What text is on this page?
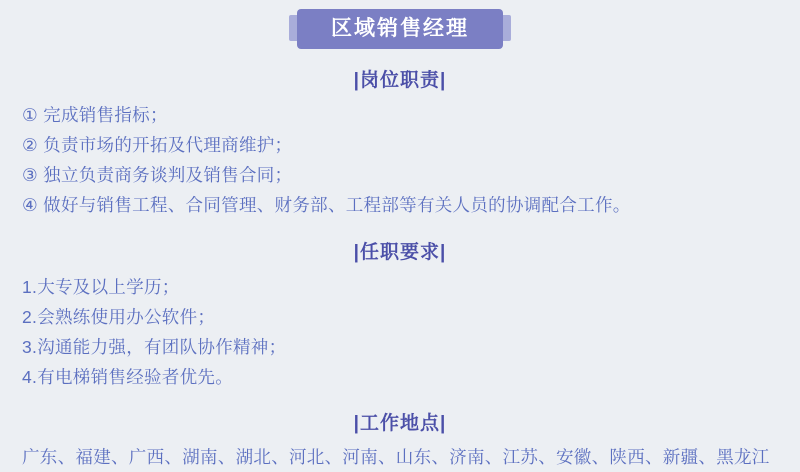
区域销售经理
|岗位职责|
① 完成销售指标；
② 负责市场的开拓及代理商维护；
③ 独立负责商务谈判及销售合同；
④ 做好与销售工程、合同管理、财务部、工程部等有关人员的协调配合工作。
|任职要求|
1.大专及以上学历；
2.会熟练使用办公软件；
3.沟通能力强，有团队协作精神；
4.有电梯销售经验者优先。
|工作地点|
广东、福建、广西、湖南、湖北、河北、河南、山东、济南、江苏、安徽、陕西、新疆、黑龙江
